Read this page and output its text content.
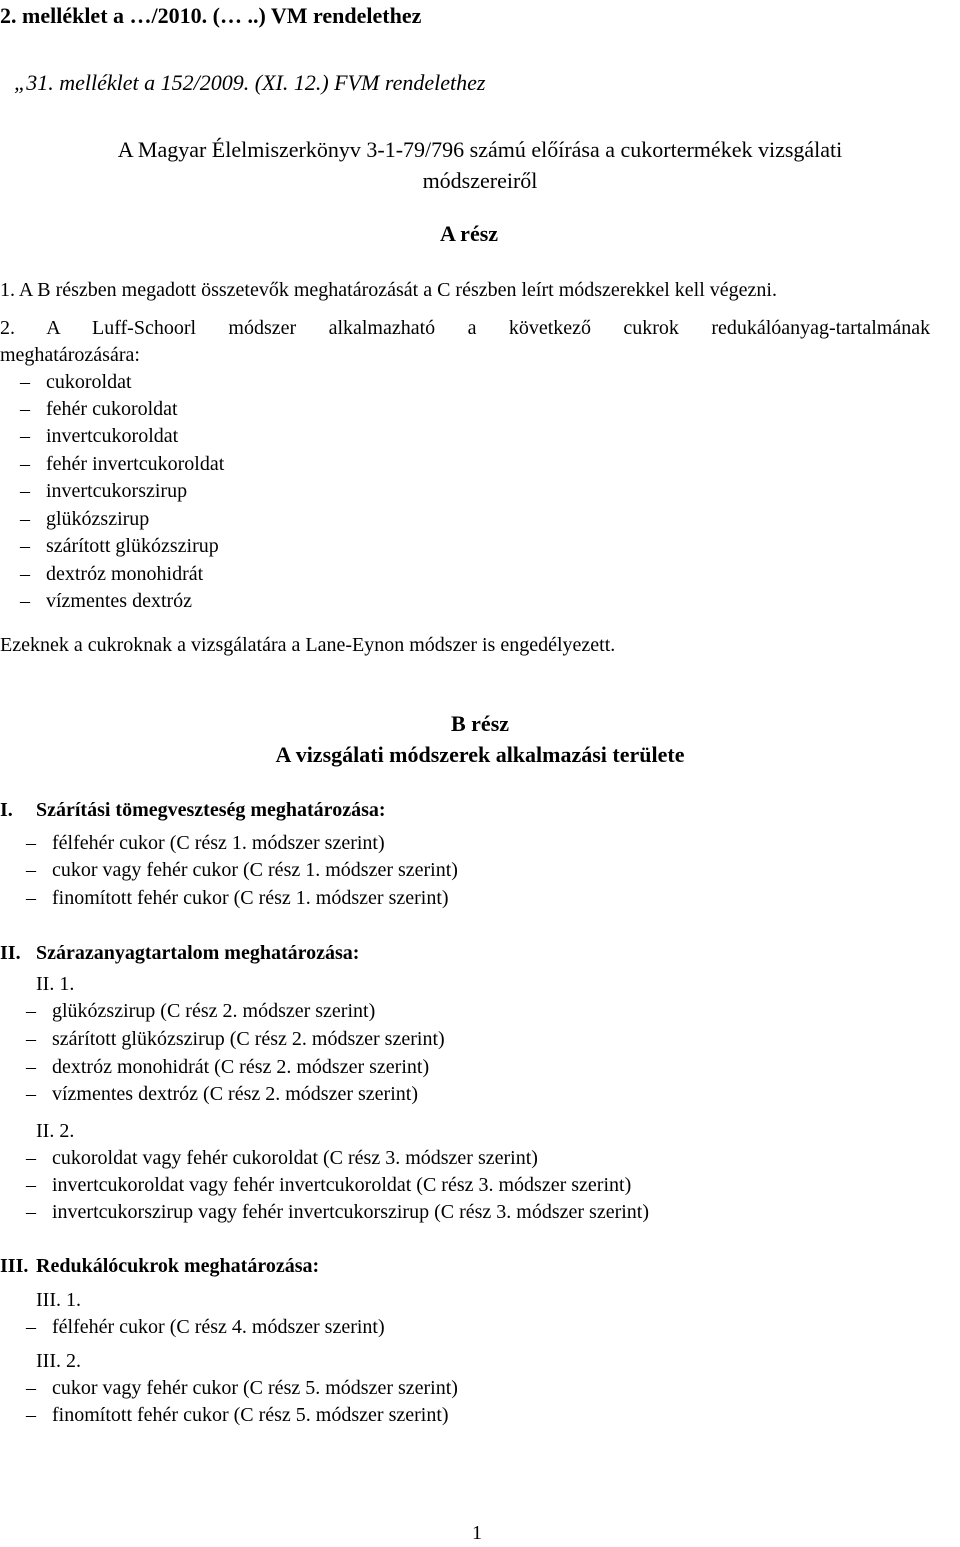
2. melléklet a …/2010. (… ..) VM rendelethez
„31. melléklet a 152/2009. (XI. 12.) FVM rendelethez
A Magyar Élelmiszerkönyv 3-1-79/796 számú előírása a cukortermékek vizsgálati
módszereiről
A rész
1. A B részben megadott összetevők meghatározását a C részben leírt módszerekkel kell végezni.
2. A Luff-Schoorl módszer alkalmazható a következő cukrok redukálóanyag-tartalmának
meghatározására:
– cukoroldat
– fehér cukoroldat
– invertcukoroldat
– fehér invertcukoroldat
– invertcukorszirup
– glükózszirup
– szárított glükózszirup
– dextróz monohidrát
– vízmentes dextróz
Ezeknek a cukroknak a vizsgálatára a Lane-Eynon módszer is engedélyezett.
B rész
A vizsgálati módszerek alkalmazási területe
I. Szárítási tömegveszteség meghatározása:
– félfehér cukor (C rész 1. módszer szerint)
– cukor vagy fehér cukor (C rész 1. módszer szerint)
– finomított fehér cukor (C rész 1. módszer szerint)
II. Szárazanyagtartalom meghatározása:
II. 1.
– glükózszirup (C rész 2. módszer szerint)
– szárított glükózszirup (C rész 2. módszer szerint)
– dextróz monohidrát (C rész 2. módszer szerint)
– vízmentes dextróz (C rész 2. módszer szerint)
II. 2.
– cukoroldat vagy fehér cukoroldat (C rész 3. módszer szerint)
– invertcukoroldat vagy fehér invertcukoroldat (C rész 3. módszer szerint)
– invertcukorszirup vagy fehér invertcukorszirup (C rész 3. módszer szerint)
III. Redukálócukrok meghatározása:
III. 1.
– félfehér cukor (C rész 4. módszer szerint)
III. 2.
– cukor vagy fehér cukor (C rész 5. módszer szerint)
– finomított fehér cukor (C rész 5. módszer szerint)
1
